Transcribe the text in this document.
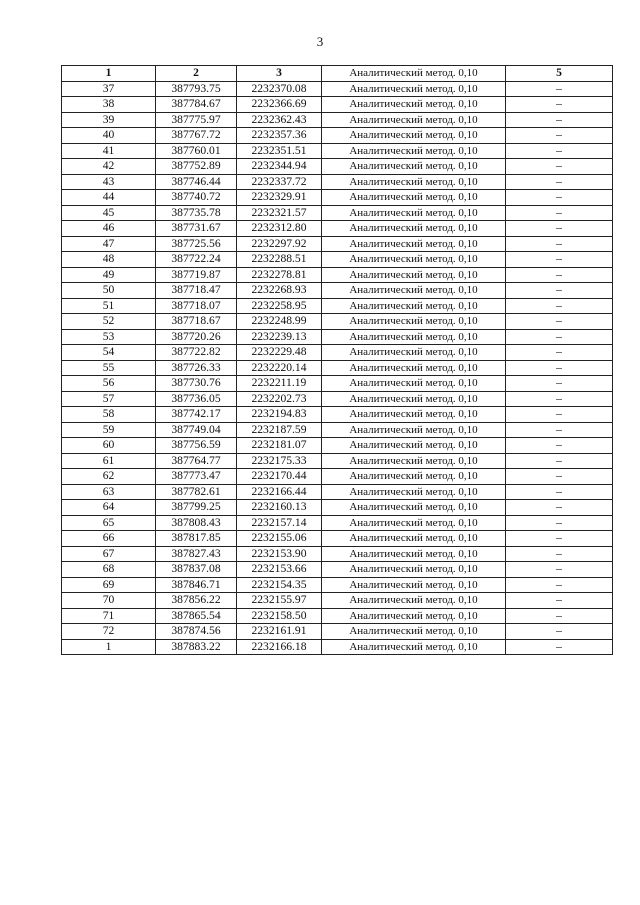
3
1	2	3	Аналитический метод. 0,10	5
37	387793.75	2232370.08	Аналитический метод. 0,10	–
38	387784.67	2232366.69	Аналитический метод. 0,10	–
39	387775.97	2232362.43	Аналитический метод. 0,10	–
40	387767.72	2232357.36	Аналитический метод. 0,10	–
41	387760.01	2232351.51	Аналитический метод. 0,10	–
42	387752.89	2232344.94	Аналитический метод. 0,10	–
43	387746.44	2232337.72	Аналитический метод. 0,10	–
44	387740.72	2232329.91	Аналитический метод. 0,10	–
45	387735.78	2232321.57	Аналитический метод. 0,10	–
46	387731.67	2232312.80	Аналитический метод. 0,10	–
47	387725.56	2232297.92	Аналитический метод. 0,10	–
48	387722.24	2232288.51	Аналитический метод. 0,10	–
49	387719.87	2232278.81	Аналитический метод. 0,10	–
50	387718.47	2232268.93	Аналитический метод. 0,10	–
51	387718.07	2232258.95	Аналитический метод. 0,10	–
52	387718.67	2232248.99	Аналитический метод. 0,10	–
53	387720.26	2232239.13	Аналитический метод. 0,10	–
54	387722.82	2232229.48	Аналитический метод. 0,10	–
55	387726.33	2232220.14	Аналитический метод. 0,10	–
56	387730.76	2232211.19	Аналитический метод. 0,10	–
57	387736.05	2232202.73	Аналитический метод. 0,10	–
58	387742.17	2232194.83	Аналитический метод. 0,10	–
59	387749.04	2232187.59	Аналитический метод. 0,10	–
60	387756.59	2232181.07	Аналитический метод. 0,10	–
61	387764.77	2232175.33	Аналитический метод. 0,10	–
62	387773.47	2232170.44	Аналитический метод. 0,10	–
63	387782.61	2232166.44	Аналитический метод. 0,10	–
64	387799.25	2232160.13	Аналитический метод. 0,10	–
65	387808.43	2232157.14	Аналитический метод. 0,10	–
66	387817.85	2232155.06	Аналитический метод. 0,10	–
67	387827.43	2232153.90	Аналитический метод. 0,10	–
68	387837.08	2232153.66	Аналитический метод. 0,10	–
69	387846.71	2232154.35	Аналитический метод. 0,10	–
70	387856.22	2232155.97	Аналитический метод. 0,10	–
71	387865.54	2232158.50	Аналитический метод. 0,10	–
72	387874.56	2232161.91	Аналитический метод. 0,10	–
1	387883.22	2232166.18	Аналитический метод. 0,10	–
